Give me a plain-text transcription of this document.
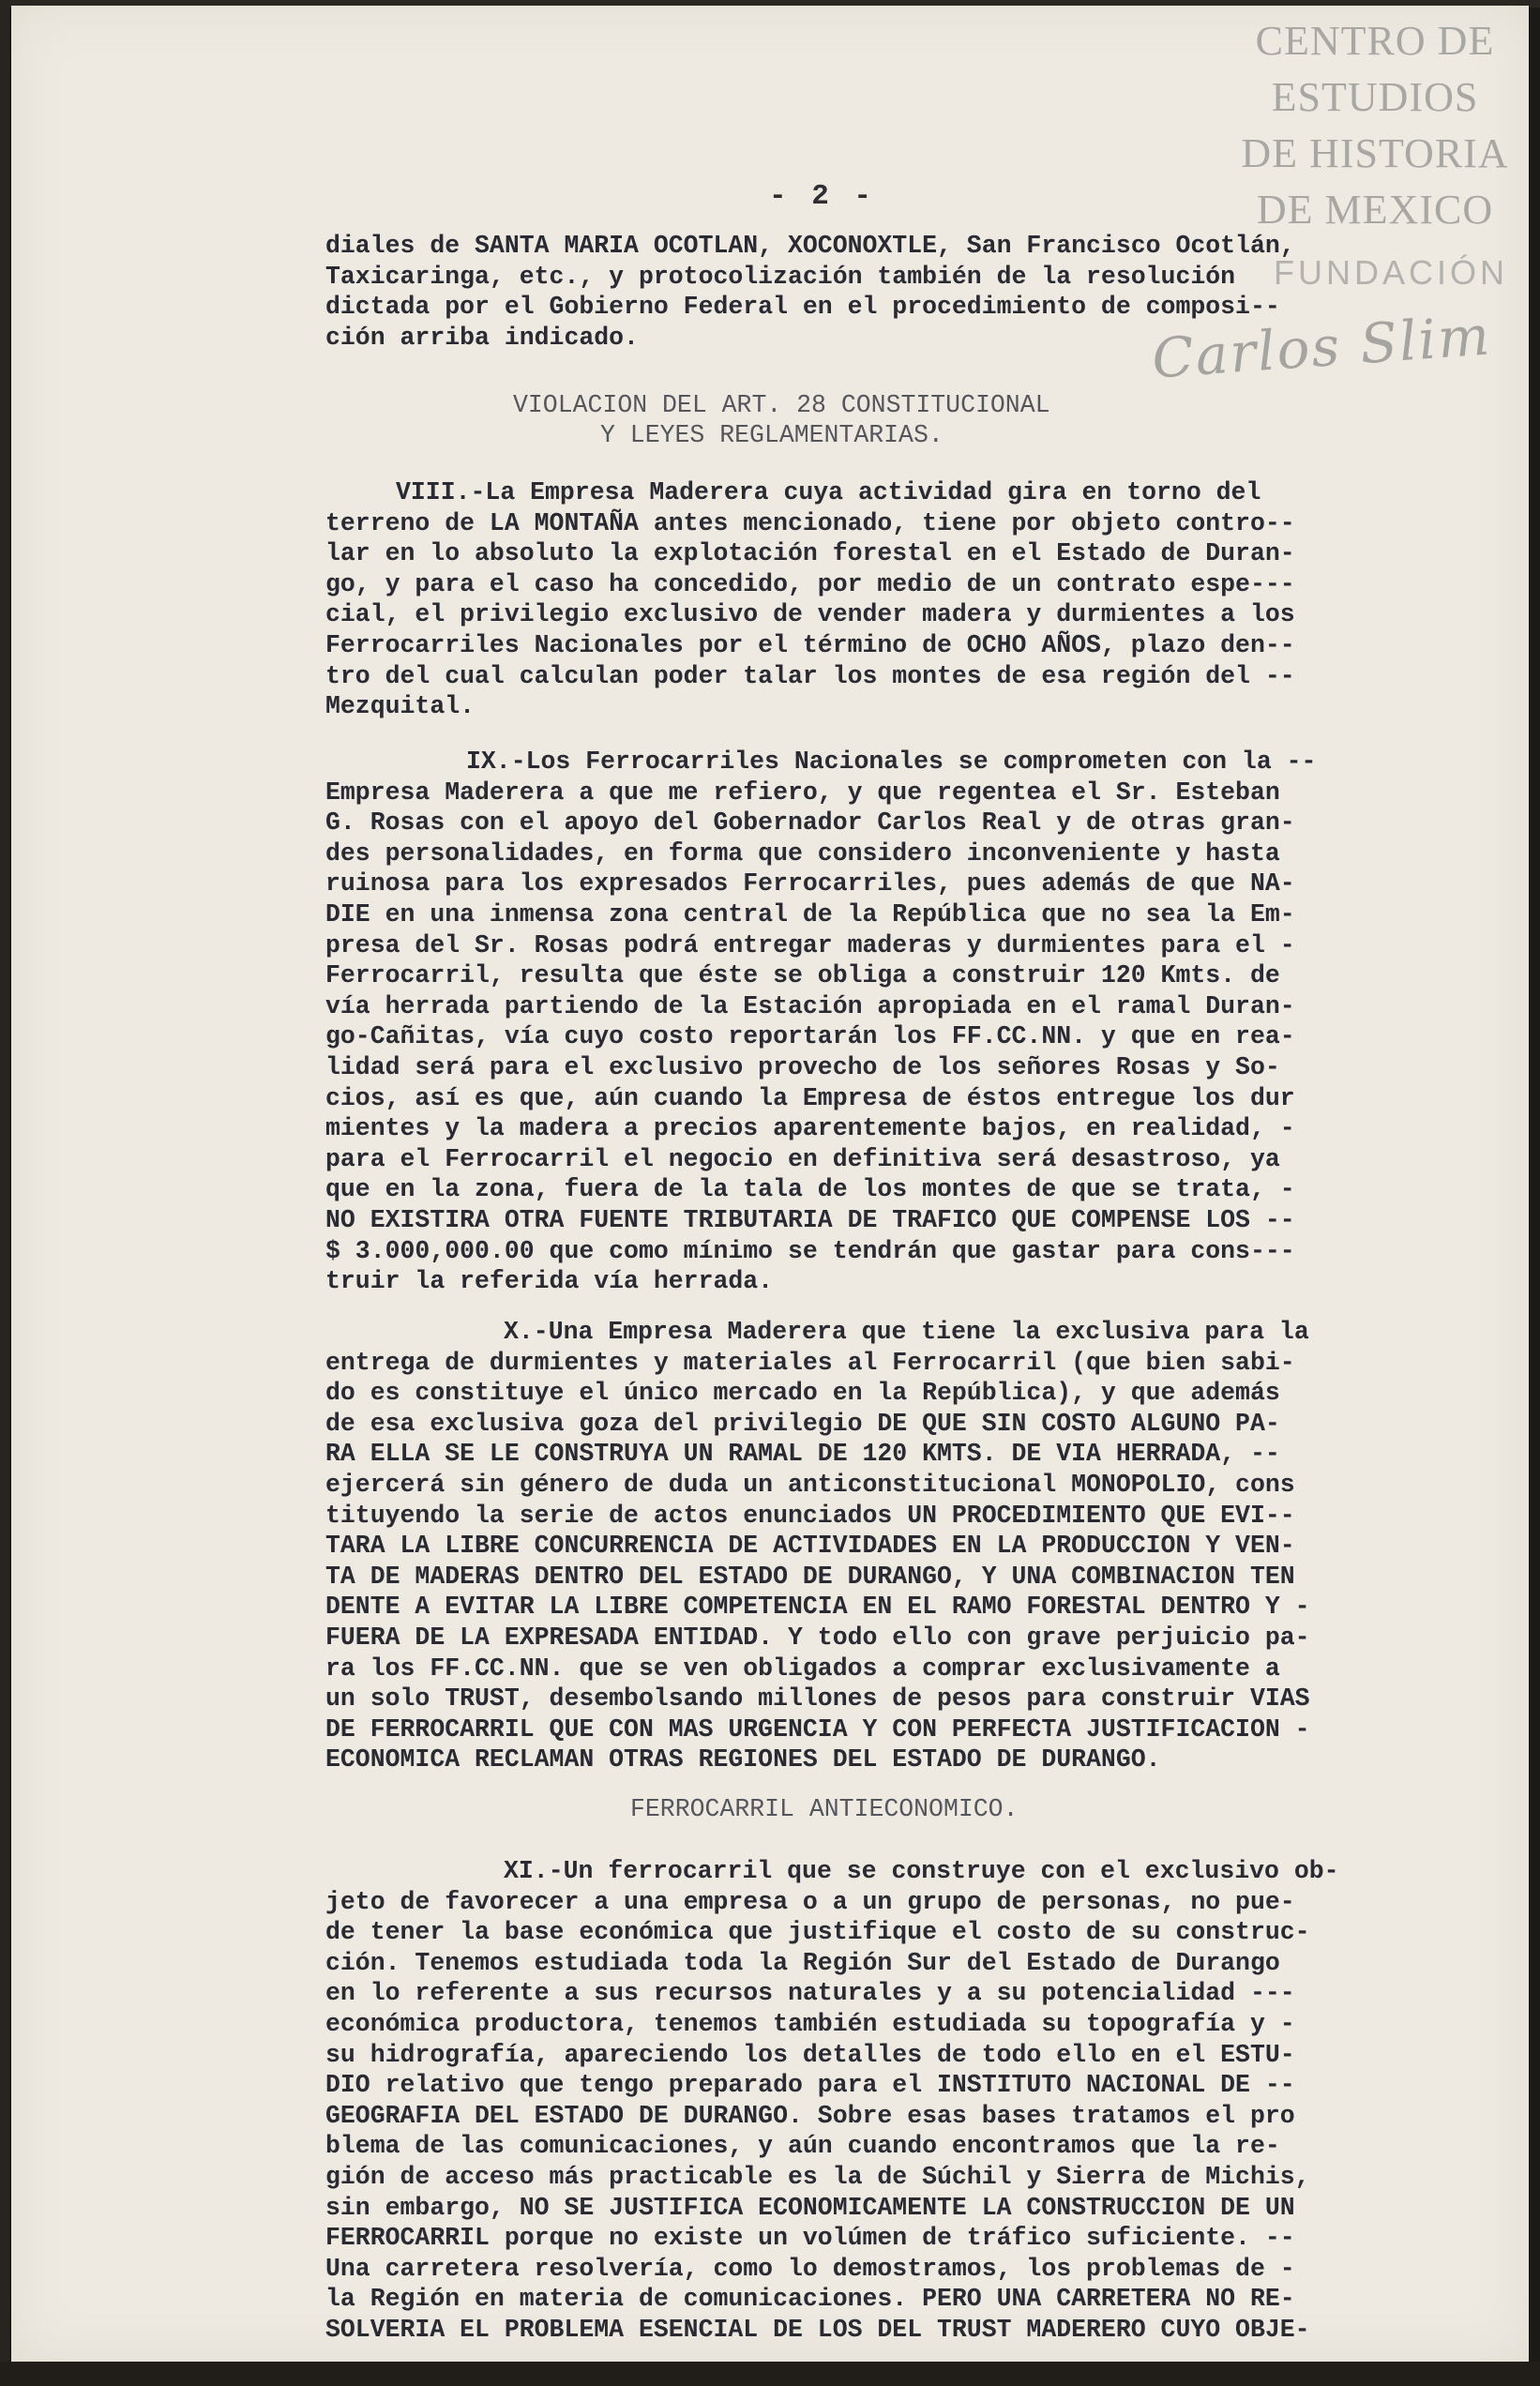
CENTRO DE
ESTUDIOS
DE HISTORIA
DE MEXICO
FUNDACIÓN
Carlos Slim
- 2 -
diales de SANTA MARIA OCOTLAN, XOCONOXTLE, San Francisco Ocotlán,
Taxicaringa, etc., y protocolización también de la resolución
dictada por el Gobierno Federal en el procedimiento de composi--
ción arriba indicado.
VIOLACION DEL ART. 28 CONSTITUCIONAL
Y LEYES REGLAMENTARIAS.
VIII.-La Empresa Maderera cuya actividad gira en torno del
terreno de LA MONTAÑA antes mencionado, tiene por objeto contro--
lar en lo absoluto la explotación forestal en el Estado de Duran-
go, y para el caso ha concedido, por medio de un contrato espe---
cial, el privilegio exclusivo de vender madera y durmientes a los
Ferrocarriles Nacionales por el término de OCHO AÑOS, plazo den--
tro del cual calculan poder talar los montes de esa región del --
Mezquital.
IX.-Los Ferrocarriles Nacionales se comprometen con la --
Empresa Maderera a que me refiero, y que regentea el Sr. Esteban
G. Rosas con el apoyo del Gobernador Carlos Real y de otras gran-
des personalidades, en forma que considero inconveniente y hasta
ruinosa para los expresados Ferrocarriles, pues además de que NA-
DIE en una inmensa zona central de la República que no sea la Em-
presa del Sr. Rosas podrá entregar maderas y durmientes para el -
Ferrocarril, resulta que éste se obliga a construir 120 Kmts. de
vía herrada partiendo de la Estación apropiada en el ramal Duran-
go-Cañitas, vía cuyo costo reportarán los FF.CC.NN. y que en rea-
lidad será para el exclusivo provecho de los señores Rosas y So-
cios, así es que, aún cuando la Empresa de éstos entregue los dur
mientes y la madera a precios aparentemente bajos, en realidad, -
para el Ferrocarril el negocio en definitiva será desastroso, ya
que en la zona, fuera de la tala de los montes de que se trata, -
NO EXISTIRA OTRA FUENTE TRIBUTARIA DE TRAFICO QUE COMPENSE LOS --
$ 3.000,000.00 que como mínimo se tendrán que gastar para cons---
truir la referida vía herrada.
X.-Una Empresa Maderera que tiene la exclusiva para la
entrega de durmientes y materiales al Ferrocarril (que bien sabi-
do es constituye el único mercado en la República), y que además
de esa exclusiva goza del privilegio DE QUE SIN COSTO ALGUNO PA-
RA ELLA SE LE CONSTRUYA UN RAMAL DE 120 KMTS. DE VIA HERRADA, --
ejercerá sin género de duda un anticonstitucional MONOPOLIO, cons
tituyendo la serie de actos enunciados UN PROCEDIMIENTO QUE EVI--
TARA LA LIBRE CONCURRENCIA DE ACTIVIDADES EN LA PRODUCCION Y VEN-
TA DE MADERAS DENTRO DEL ESTADO DE DURANGO, Y UNA COMBINACION TEN
DENTE A EVITAR LA LIBRE COMPETENCIA EN EL RAMO FORESTAL DENTRO Y -
FUERA DE LA EXPRESADA ENTIDAD. Y todo ello con grave perjuicio pa-
ra los FF.CC.NN. que se ven obligados a comprar exclusivamente a
un solo TRUST, desembolsando millones de pesos para construir VIAS
DE FERROCARRIL QUE CON MAS URGENCIA Y CON PERFECTA JUSTIFICACION -
ECONOMICA RECLAMAN OTRAS REGIONES DEL ESTADO DE DURANGO.
FERROCARRIL ANTIECONOMICO.
XI.-Un ferrocarril que se construye con el exclusivo ob-
jeto de favorecer a una empresa o a un grupo de personas, no pue-
de tener la base económica que justifique el costo de su construc-
ción. Tenemos estudiada toda la Región Sur del Estado de Durango
en lo referente a sus recursos naturales y a su potencialidad ---
económica productora, tenemos también estudiada su topografía y -
su hidrografía, apareciendo los detalles de todo ello en el ESTU-
DIO relativo que tengo preparado para el INSTITUTO NACIONAL DE --
GEOGRAFIA DEL ESTADO DE DURANGO. Sobre esas bases tratamos el pro
blema de las comunicaciones, y aún cuando encontramos que la re-
gión de acceso más practicable es la de Súchil y Sierra de Michis,
sin embargo, NO SE JUSTIFICA ECONOMICAMENTE LA CONSTRUCCION DE UN
FERROCARRIL porque no existe un volúmen de tráfico suficiente. --
Una carretera resolvería, como lo demostramos, los problemas de -
la Región en materia de comunicaciones. PERO UNA CARRETERA NO RE-
SOLVERIA EL PROBLEMA ESENCIAL DE LOS DEL TRUST MADERERO CUYO OBJE-
